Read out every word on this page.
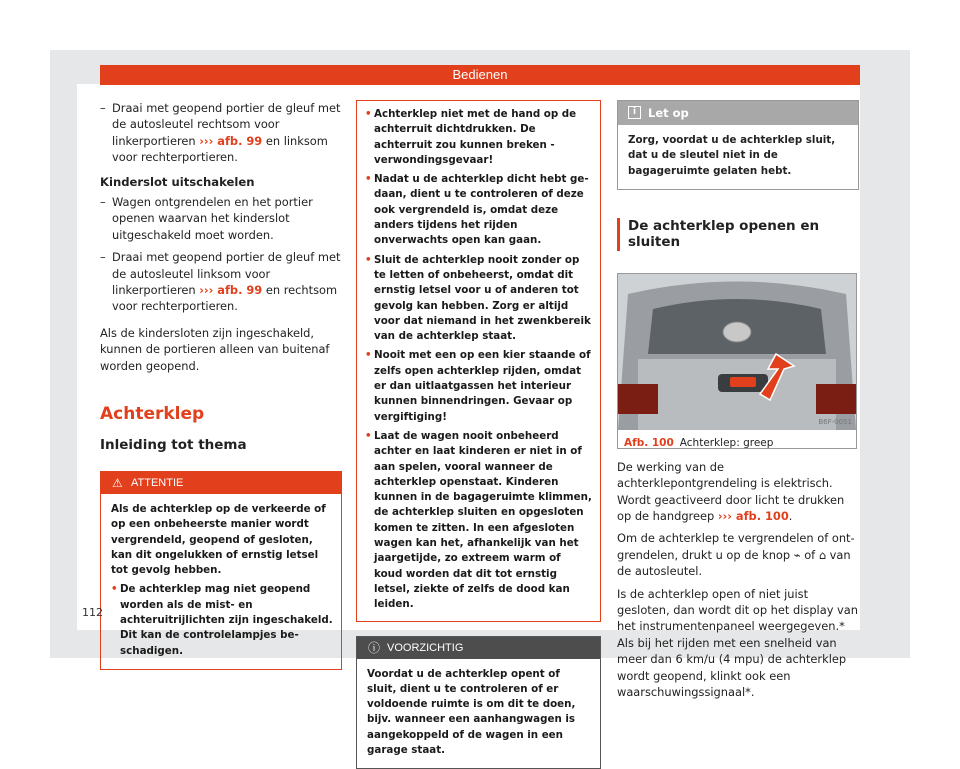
Bedienen
– Draai met geopend portier de gleuf met de autosleutel rechtsom voor linkerportieren ››› afb. 99 en linksom voor rechterportieren.
Kinderslot uitschakelen
– Wagen ontgrendelen en het portier openen waarvan het kinderslot uitgeschakeld moet worden.
– Draai met geopend portier de gleuf met de autosleutel linksom voor linkerportieren ››› afb. 99 en rechtsom voor rechterportieren.
Als de kindersloten zijn ingeschakeld, kunnen de portieren alleen van buitenaf worden geopend.
Achterklep
Inleiding tot thema
⚠ ATTENTIE
Als de achterklep op de verkeerde of op een onbeheerste manier wordt vergrendeld, geopend of gesloten, kan dit ongelukken of ernstig letsel tot gevolg hebben.
• De achterklep mag niet geopend worden als de mist- en achteruitrijlichten zijn ingeschakeld. Dit kan de controlelampjes beschadigen.
• Achterklep niet met de hand op de achterruit dichtdrukken. De achterruit zou kunnen breken - verwondingsgevaar!
• Nadat u de achterklep dicht hebt gedaan, dient u te controleren of deze ook vergrendeld is, omdat deze anders tijdens het rijden onverwachts open kan gaan.
• Sluit de achterklep nooit zonder op te letten of onbeheerst, omdat dit ernstig letsel voor u of anderen tot gevolg kan hebben. Zorg er altijd voor dat niemand in het zwenkbereik van de achterklep staat.
• Nooit met een op een kier staande of zelfs open achterklep rijden, omdat er dan uitlaatgassen het interieur kunnen binnendringen. Gevaar op vergiftiging!
• Laat de wagen nooit onbeheerd achter en laat kinderen er niet in of aan spelen, vooral wanneer de achterklep openstaat. Kinderen kunnen in de bagageruimte klimmen, de achterklep sluiten en opgesloten komen te zitten. In een afgesloten wagen kan het, afhankelijk van het jaargetijde, zo extreem warm of koud worden dat dit tot ernstig letsel, ziekte of zelfs de dood kan leiden.
ⓘ VOORZICHTIG
Voordat u de achterklep opent of sluit, dient u te controleren of er voldoende ruimte is om dit te doen, bijv. wanneer een aanhangwagen is aangekoppeld of de wagen in een garage staat.
i	Let op
Zorg, voordat u de achterklep sluit, dat u de sleutel niet in de bagageruimte gelaten hebt.
De achterklep openen en sluiten
B6F-0051
Afb. 100 Achterklep: greep
De werking van de achterklepontgrendeling is elektrisch. Wordt geactiveerd door licht te drukken op de handgreep ››› afb. 100.
Om de achterklep te vergrendelen of ontgrendelen, drukt u op de knop ⌁ of ⌂ van de autosleutel.
Is de achterklep open of niet juist gesloten, dan wordt dit op het display van het instrumentenpaneel weergegeven.* Als bij het rijden met een snelheid van meer dan 6 km/u (4 mpu) de achterklep wordt geopend, klinkt ook een waarschuwingssignaal*.
112
